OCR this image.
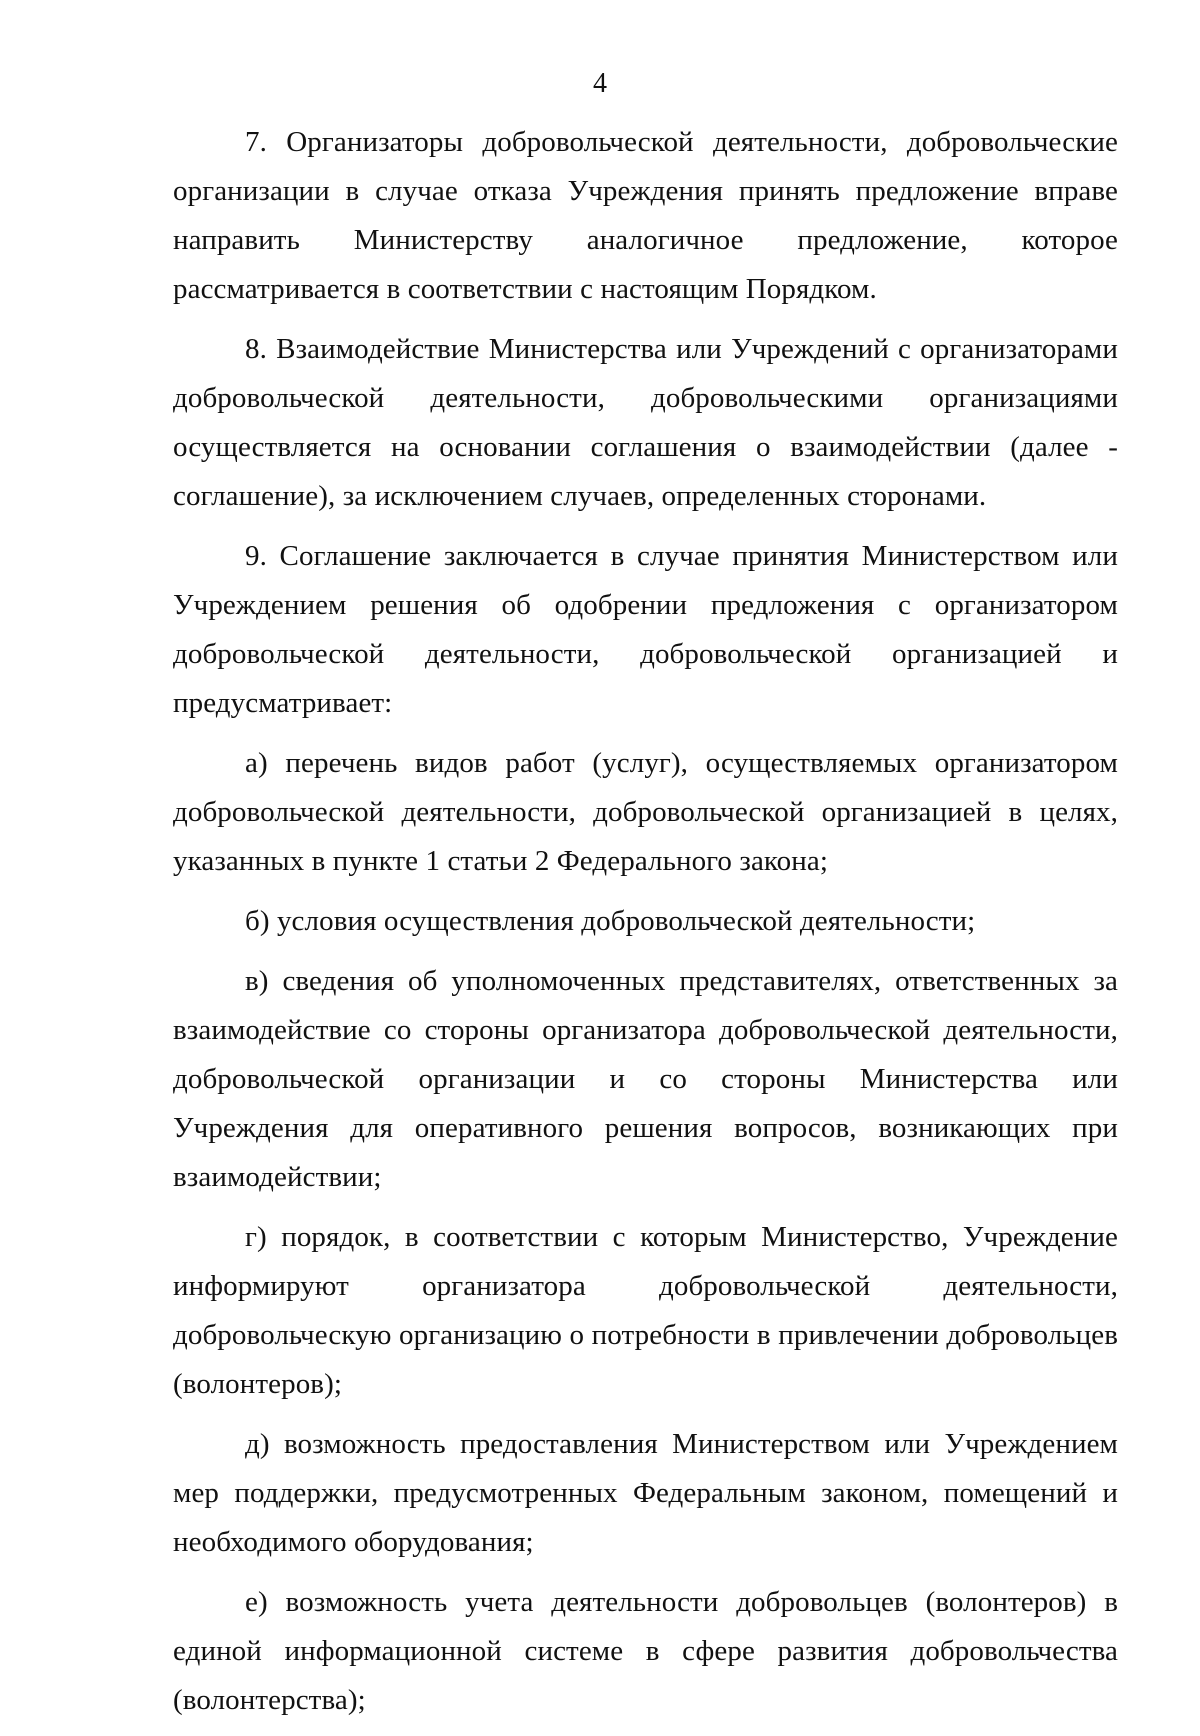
4

7. Организаторы добровольческой деятельности, добровольческие организации в случае отказа Учреждения принять предложение вправе направить Министерству аналогичное предложение, которое рассматривается в соответствии с настоящим Порядком.

8. Взаимодействие Министерства или Учреждений с организаторами добровольческой деятельности, добровольческими организациями осуществляется на основании соглашения о взаимодействии (далее - соглашение), за исключением случаев, определенных сторонами.

9. Соглашение заключается в случае принятия Министерством или Учреждением решения об одобрении предложения с организатором добровольческой деятельности, добровольческой организацией и предусматривает:

а) перечень видов работ (услуг), осуществляемых организатором добровольческой деятельности, добровольческой организацией в целях, указанных в пункте 1 статьи 2 Федерального закона;

б) условия осуществления добровольческой деятельности;

в) сведения об уполномоченных представителях, ответственных за взаимодействие со стороны организатора добровольческой деятельности, добровольческой организации и со стороны Министерства или Учреждения для оперативного решения вопросов, возникающих при взаимодействии;

г) порядок, в соответствии с которым Министерство, Учреждение информируют организатора добровольческой деятельности, добровольческую организацию о потребности в привлечении добровольцев (волонтеров);

д) возможность предоставления Министерством или Учреждением мер поддержки, предусмотренных Федеральным законом, помещений и необходимого оборудования;

е) возможность учета деятельности добровольцев (волонтеров) в единой информационной системе в сфере развития добровольчества (волонтерства);
